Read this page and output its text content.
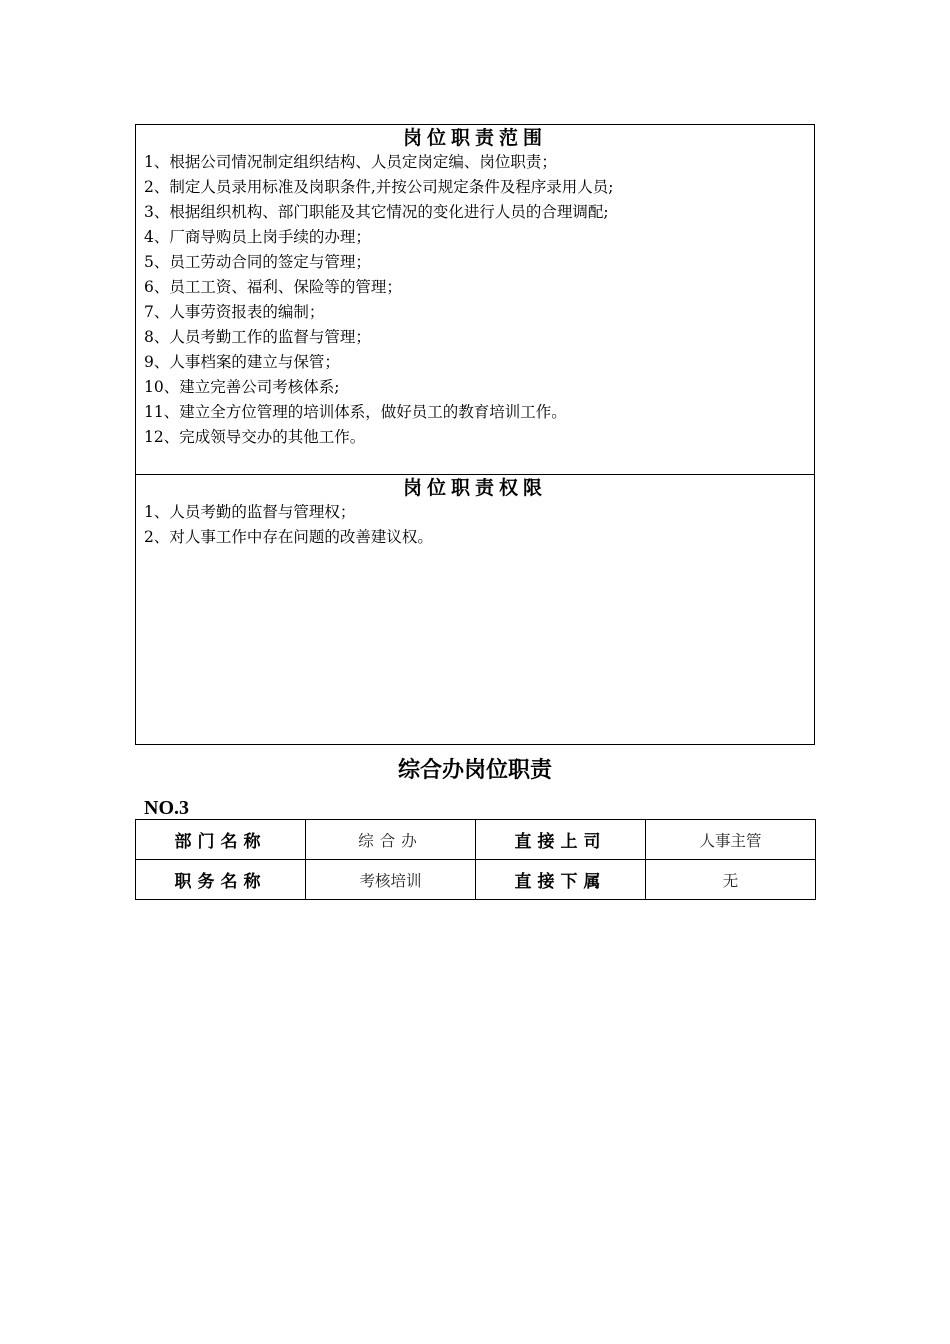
岗位职责范围
1、根据公司情况制定组织结构、人员定岗定编、岗位职责；
2、制定人员录用标准及岗职条件,并按公司规定条件及程序录用人员;
3、根据组织机构、部门职能及其它情况的变化进行人员的合理调配;
4、厂商导购员上岗手续的办理；
5、员工劳动合同的签定与管理；
6、员工工资、福利、保险等的管理；
7、人事劳资报表的编制；
8、人员考勤工作的监督与管理；
9、人事档案的建立与保管；
10、建立完善公司考核体系;
11、建立全方位管理的培训体系，做好员工的教育培训工作。
12、完成领导交办的其他工作。
岗位职责权限
1、人员考勤的监督与管理权；
2、对人事工作中存在问题的改善建议权。
综合办岗位职责
NO.3
部门名称	综合办	直接上司	人事主管
职务名称	考核培训	直接下属	无
